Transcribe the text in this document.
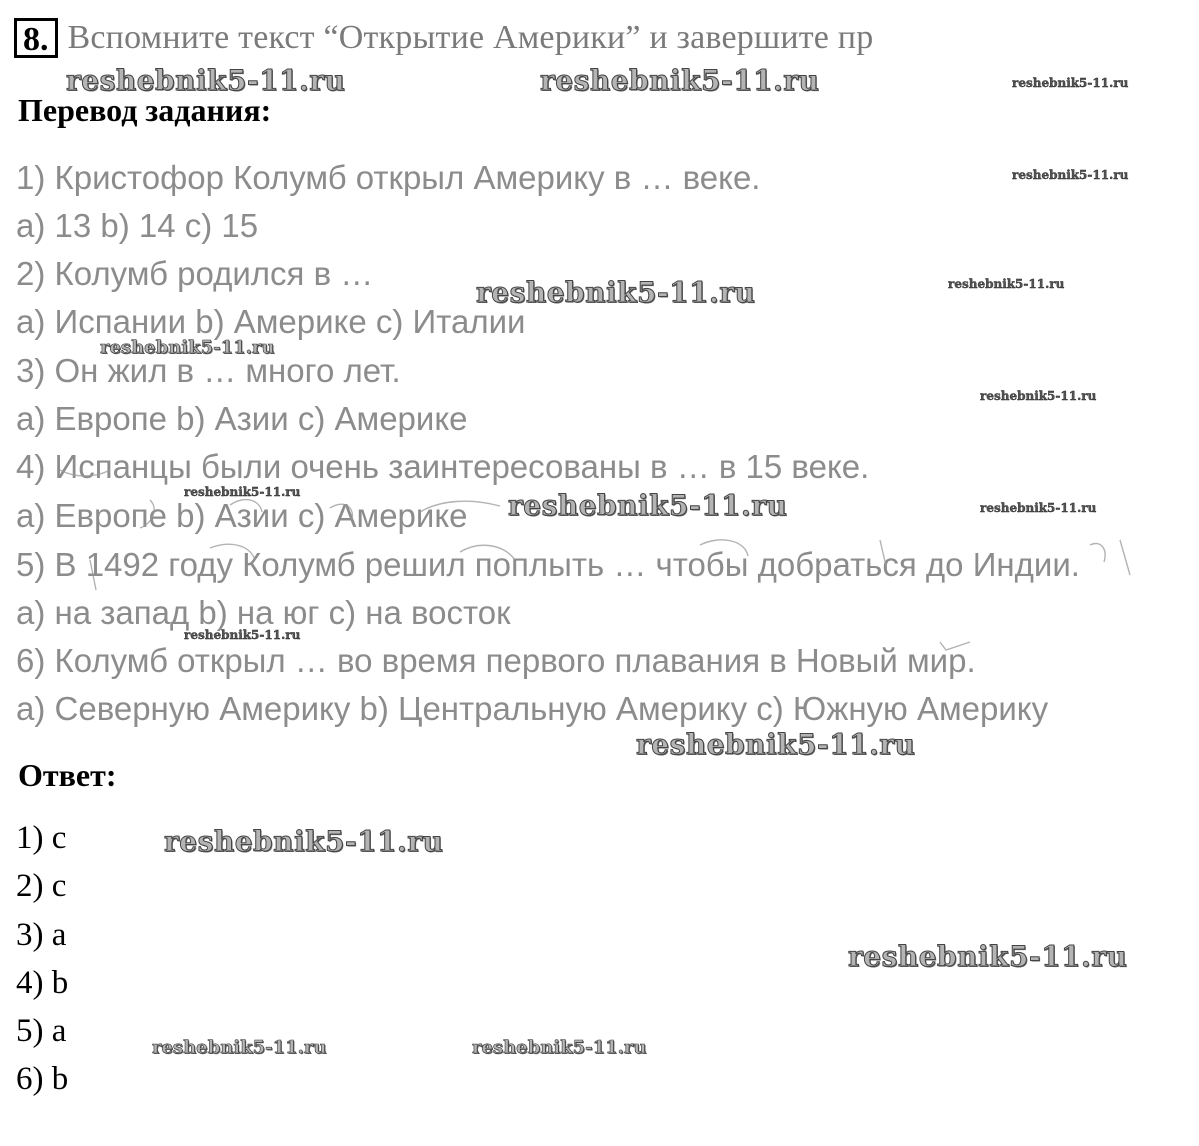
8. Вспомните текст “Открытие Америки” и завершите пр
Перевод задания:
1) Кристофор Колумб открыл Америку в … веке.
а) 13 b) 14 c) 15
2) Колумб родился в …
а) Испании b) Америке c) Италии
3) Он жил в … много лет.
а) Европе b) Азии c) Америке
4) Испанцы были очень заинтересованы в … в 15 веке.
а) Европе b) Азии c) Америке
5) В 1492 году Колумб решил поплыть … чтобы добраться до Индии.
а) на запад b) на юг c) на восток
6) Колумб открыл … во время первого плавания в Новый мир.
а) Северную Америку b) Центральную Америку c) Южную Америку
Ответ:
1) c
2) c
3) a
4) b
5) a
6) b
reshebnik5-11.ru	reshebnik5-11.ru	reshebnik5-11.ru
reshebnik5-11.ru
reshebnik5-11.ru	reshebnik5-11.ru
reshebnik5-11.ru
reshebnik5-11.ru
reshebnik5-11.ru	reshebnik5-11.ru	reshebnik5-11.ru
reshebnik5-11.ru
reshebnik5-11.ru
reshebnik5-11.ru
reshebnik5-11.ru
reshebnik5-11.ru	reshebnik5-11.ru
